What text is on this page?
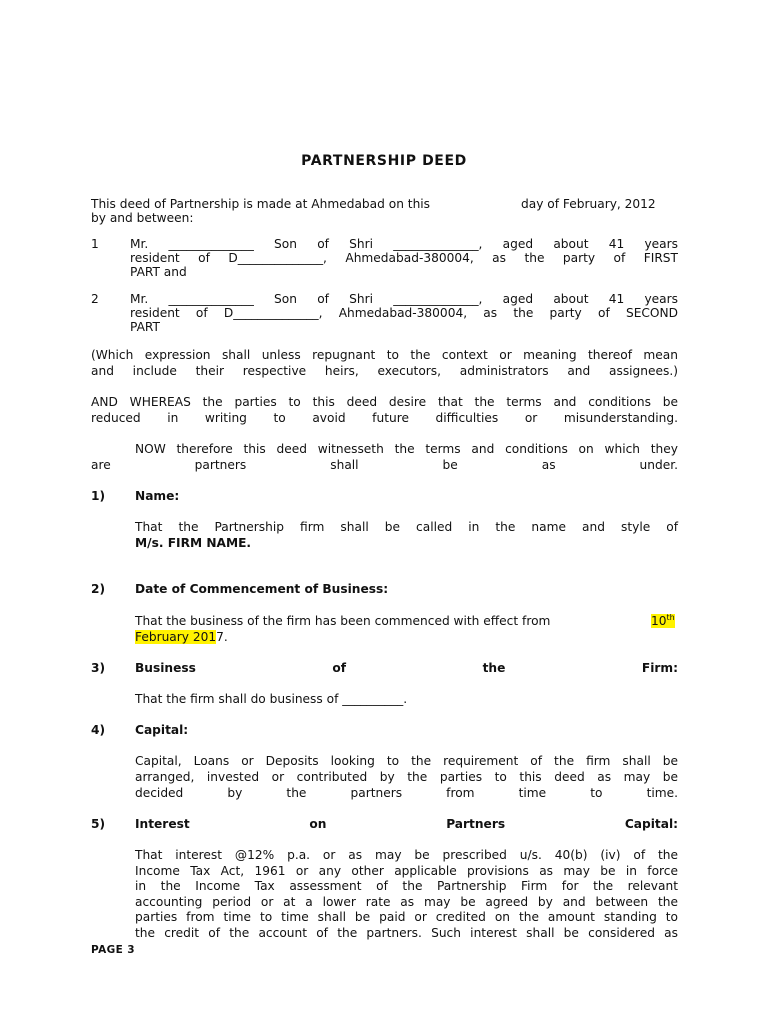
PARTNERSHIP DEED
This deed of Partnership is made at Ahmedabad on this	day of February, 2012
by and between:
1	Mr. ______________ Son of Shri ______________, aged about 41 years
resident of D______________, Ahmedabad-380004, as the party of FIRST
PART and
2	Mr. ______________ Son of Shri ______________, aged about 41 years
resident of D______________, Ahmedabad-380004, as the party of SECOND
PART
(Which expression shall unless repugnant to the context or meaning thereof mean
and include their respective heirs, executors, administrators and assignees.)
AND WHEREAS the parties to this deed desire that the terms and conditions be
reduced in writing to avoid future difficulties or misunderstanding.
NOW therefore this deed witnesseth the terms and conditions on which they
are partners shall be as under.
1) Name:
That the Partnership firm shall be called in the name and style of
M/s. FIRM NAME.
2) Date of Commencement of Business:
That the business of the firm has been commenced with effect from	10th
February 2017.
3) Business of the Firm:
That the firm shall do business of __________.
4) Capital:
Capital, Loans or Deposits looking to the requirement of the firm shall be
arranged, invested or contributed by the parties to this deed as may be
decided by the partners from time to time.
5) Interest on Partners Capital:
That interest @12% p.a. or as may be prescribed u/s. 40(b) (iv) of the
Income Tax Act, 1961 or any other applicable provisions as may be in force
in the Income Tax assessment of the Partnership Firm for the relevant
accounting period or at a lower rate as may be agreed by and between the
parties from time to time shall be paid or credited on the amount standing to
the credit of the account of the partners. Such interest shall be considered as
PAGE 3
